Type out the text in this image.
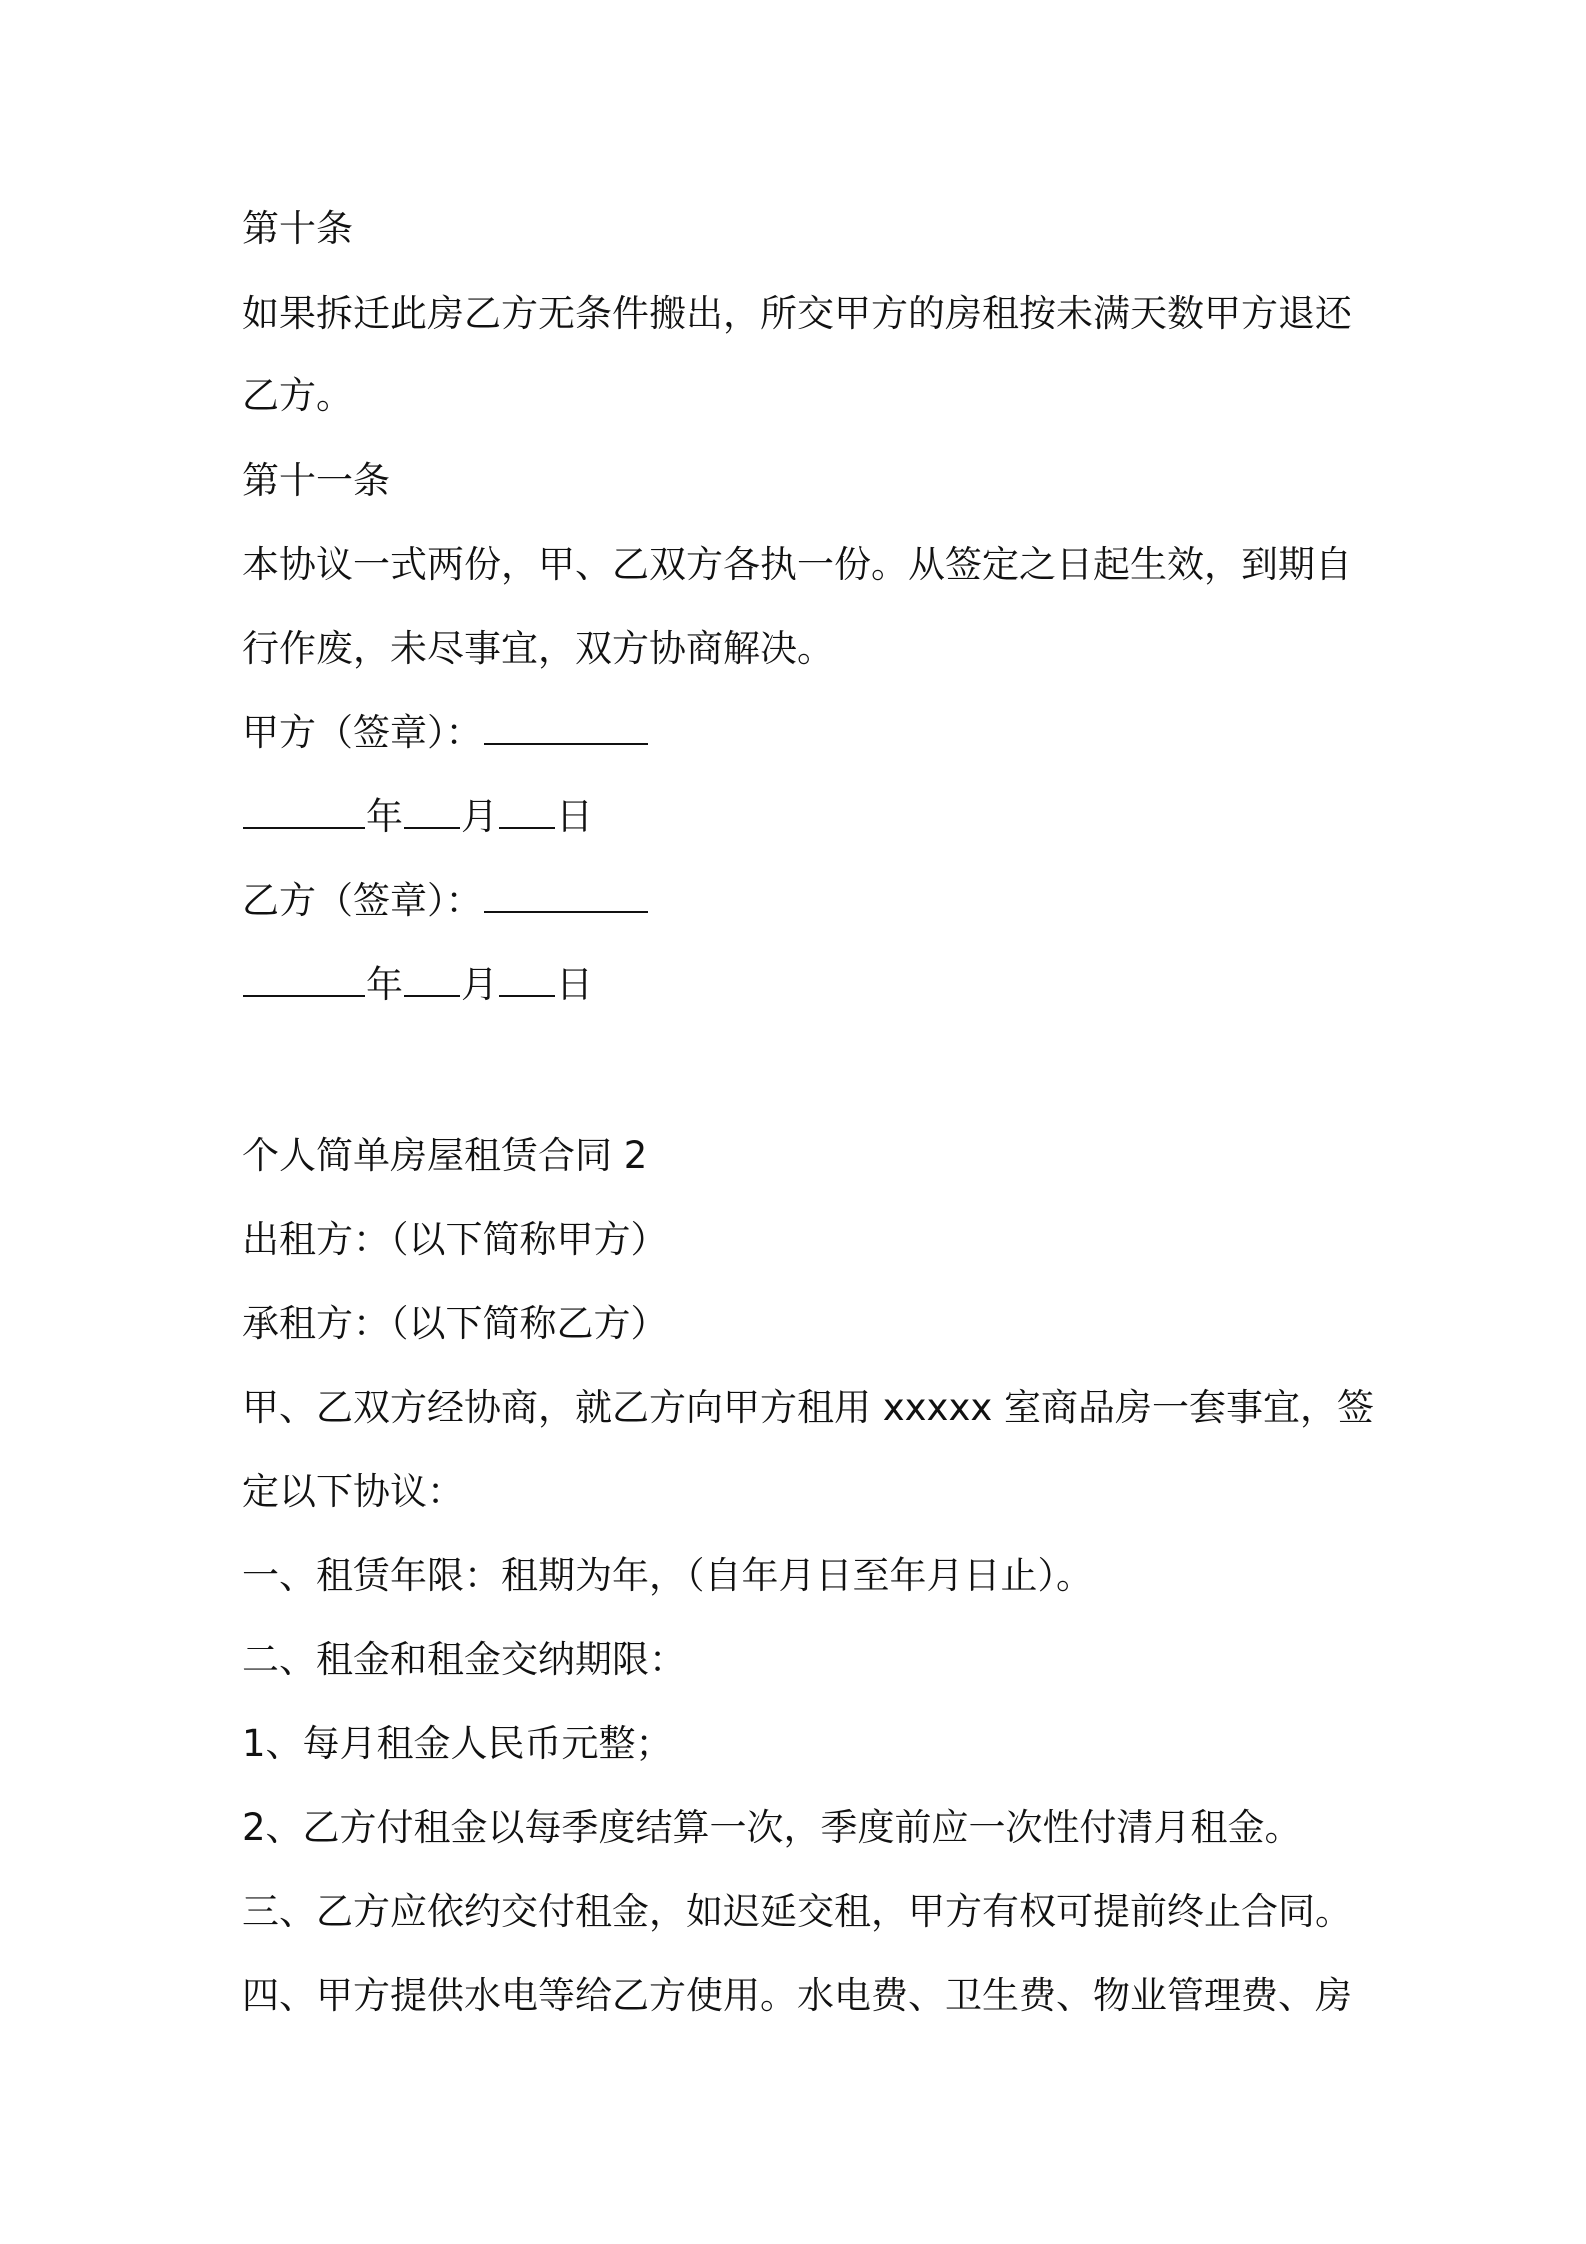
第十条
如果拆迁此房乙方无条件搬出，所交甲方的房租按未满天数甲方退还
乙方。
第十一条
本协议一式两份，甲、乙双方各执一份。从签定之日起生效，到期自
行作废，未尽事宜，双方协商解决。
甲方（签章）：
年 月 日
乙方（签章）：
年 月 日
个人简单房屋租赁合同 2
出租方：（以下简称甲方）
承租方：（以下简称乙方）
甲、乙双方经协商，就乙方向甲方租用 xxxxx 室商品房一套事宜，签
定以下协议：
一、租赁年限：租期为年，（自年月日至年月日止）。
二、租金和租金交纳期限：
1、每月租金人民币元整；
2、乙方付租金以每季度结算一次，季度前应一次性付清月租金。
三、乙方应依约交付租金，如迟延交租，甲方有权可提前终止合同。
四、甲方提供水电等给乙方使用。水电费、卫生费、物业管理费、房
